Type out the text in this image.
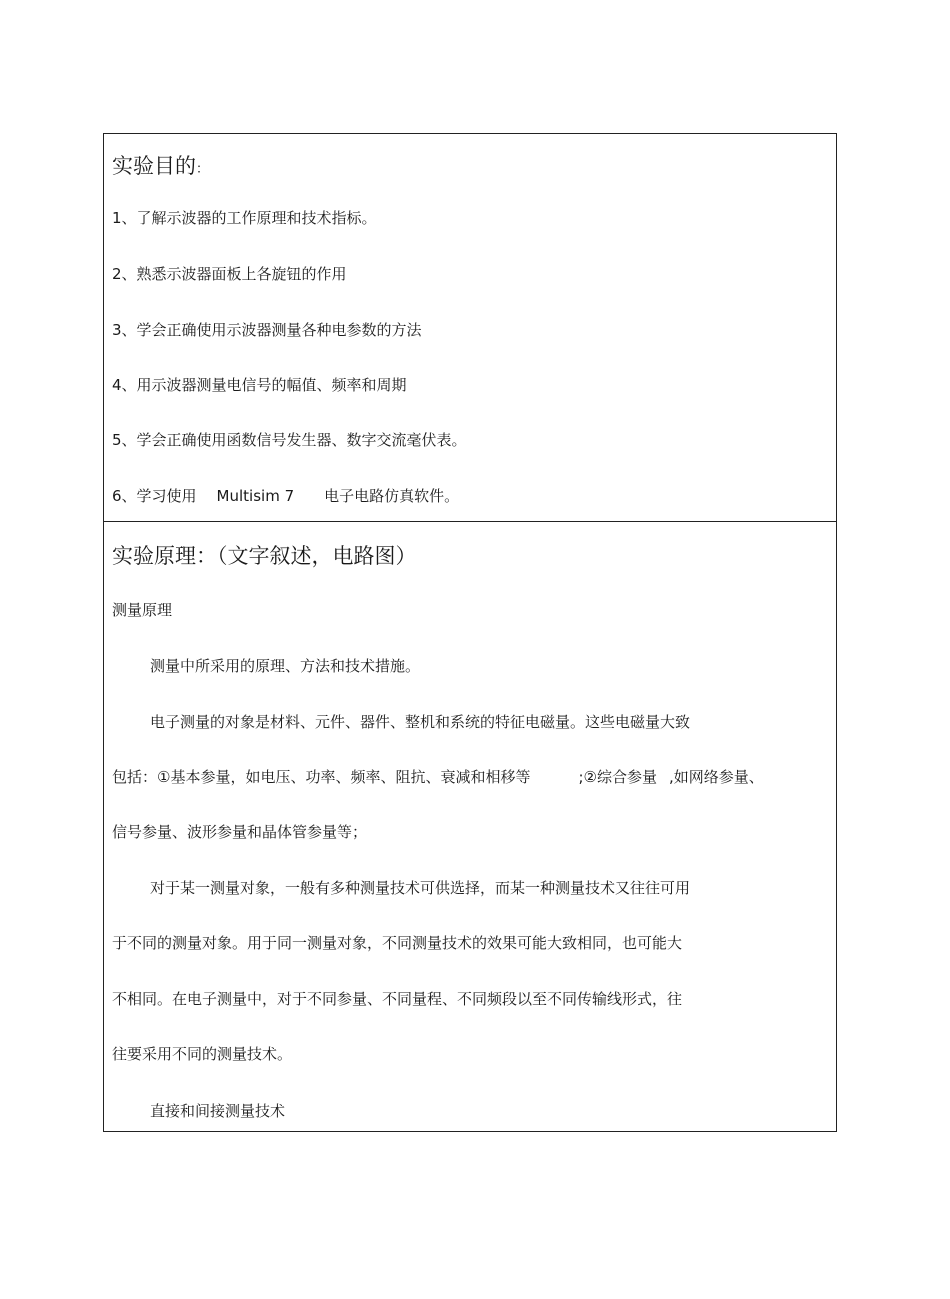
实验目的：
1、了解示波器的工作原理和技术指标。
2、熟悉示波器面板上各旋钮的作用
3、学会正确使用示波器测量各种电参数的方法
4、用示波器测量电信号的幅值、频率和周期
5、学会正确使用函数信号发生器、数字交流毫伏表。
6、学习使用 Multisim 7 电子电路仿真软件。
实验原理：（文字叙述，电路图）
测量原理
测量中所采用的原理、方法和技术措施。
电子测量的对象是材料、元件、器件、整机和系统的特征电磁量。这些电磁量大致
包括：①基本参量，如电压、功率、频率、阻抗、衰减和相移等	;②综合参量 ,如网络参量、
信号参量、波形参量和晶体管参量等；
对于某一测量对象，一般有多种测量技术可供选择，而某一种测量技术又往往可用
于不同的测量对象。用于同一测量对象，不同测量技术的效果可能大致相同，也可能大
不相同。在电子测量中，对于不同参量、不同量程、不同频段以至不同传输线形式，往
往要采用不同的测量技术。
直接和间接测量技术
